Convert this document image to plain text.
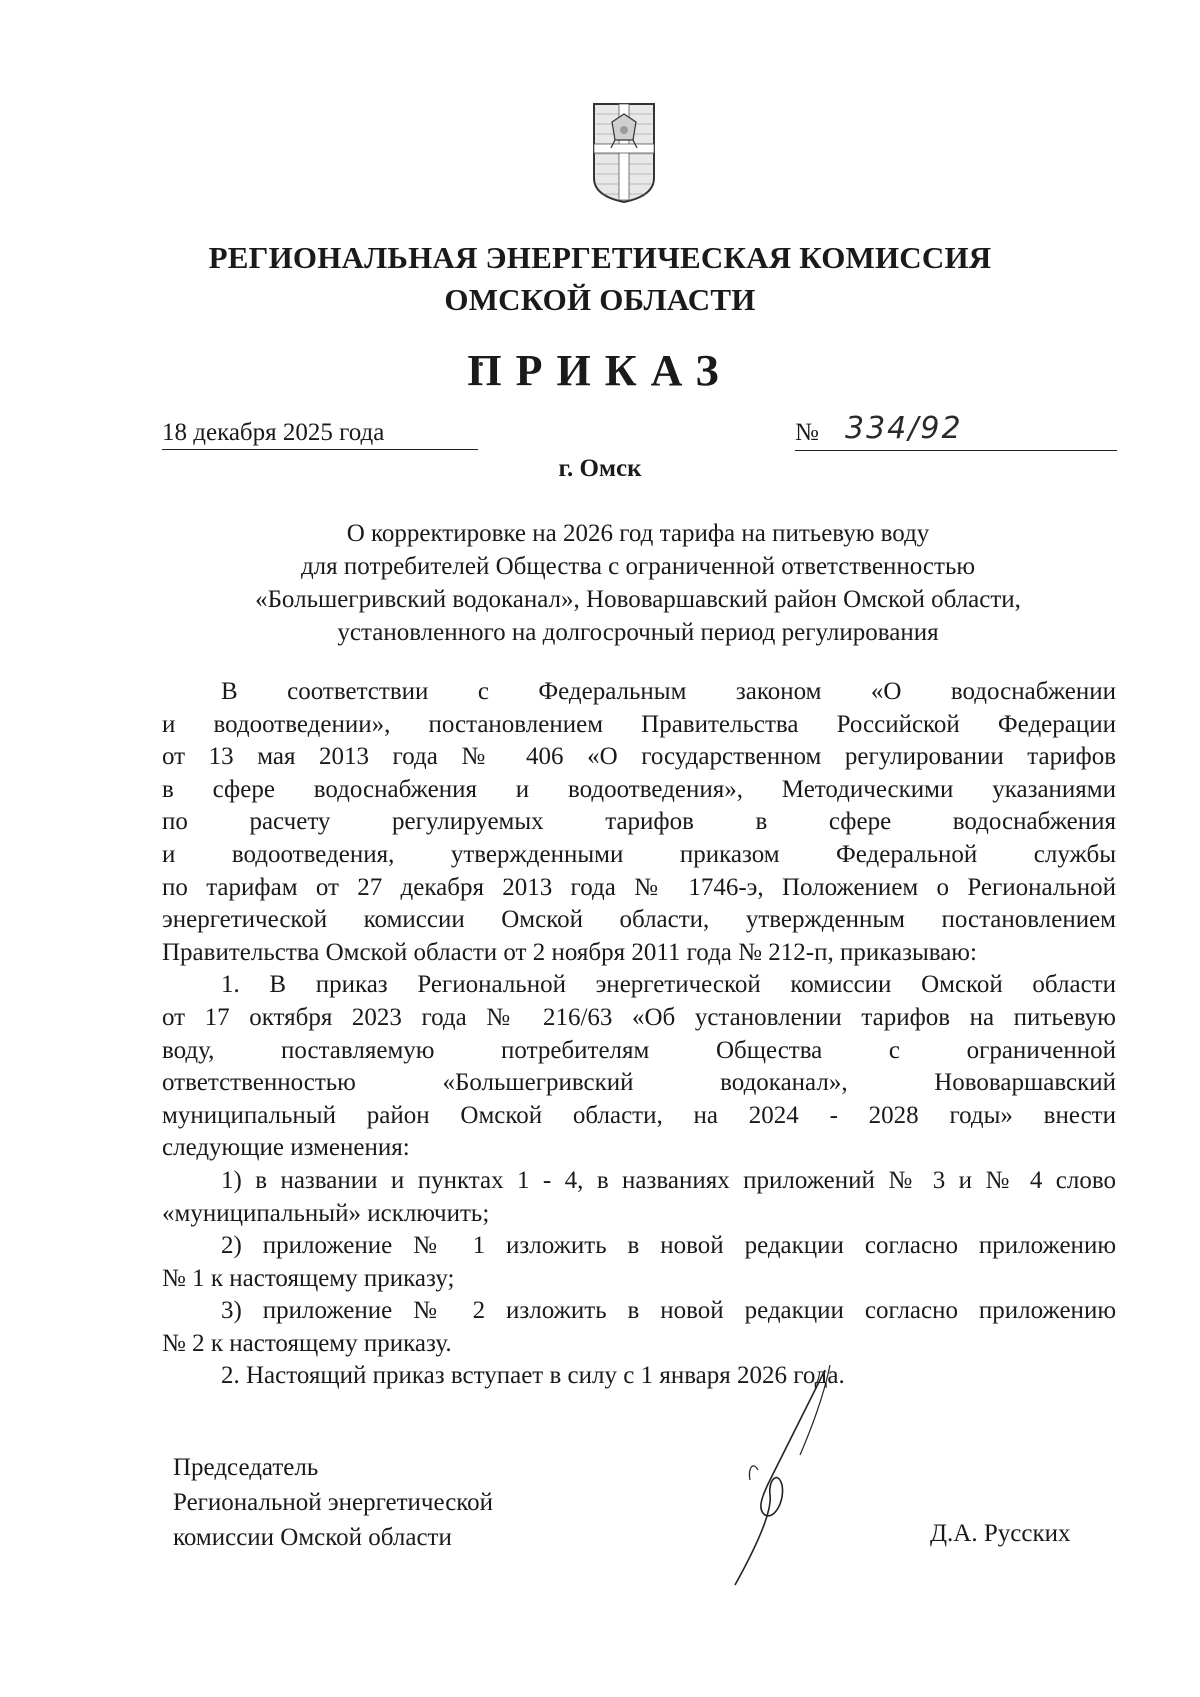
РЕГИОНАЛЬНАЯ ЭНЕРГЕТИЧЕСКАЯ КОМИССИЯ
ОМСКОЙ ОБЛАСТИ
ПРИКАЗ
18 декабря 2025 года	№ 334/92
г. Омск
О корректировке на 2026 год тарифа на питьевую воду
для потребителей Общества с ограниченной ответственностью
«Большегривский водоканал», Нововаршавский район Омской области,
установленного на долгосрочный период регулирования
В соответствии с Федеральным законом «О водоснабжении
и водоотведении», постановлением Правительства Российской Федерации
от 13 мая 2013 года № 406 «О государственном регулировании тарифов
в сфере водоснабжения и водоотведения», Методическими указаниями
по расчету регулируемых тарифов в сфере водоснабжения
и водоотведения, утвержденными приказом Федеральной службы
по тарифам от 27 декабря 2013 года № 1746-э, Положением о Региональной
энергетической комиссии Омской области, утвержденным постановлением
Правительства Омской области от 2 ноября 2011 года № 212-п, приказываю:
1. В приказ Региональной энергетической комиссии Омской области
от 17 октября 2023 года № 216/63 «Об установлении тарифов на питьевую
воду, поставляемую потребителям Общества с ограниченной
ответственностью «Большегривский водоканал», Нововаршавский
муниципальный район Омской области, на 2024 - 2028 годы» внести
следующие изменения:
1) в названии и пунктах 1 - 4, в названиях приложений № 3 и № 4 слово
«муниципальный» исключить;
2) приложение № 1 изложить в новой редакции согласно приложению
№ 1 к настоящему приказу;
3) приложение № 2 изложить в новой редакции согласно приложению
№ 2 к настоящему приказу.
2. Настоящий приказ вступает в силу с 1 января 2026 года.
Председатель
Региональной энергетической
комиссии Омской области	Д.А. Русских
